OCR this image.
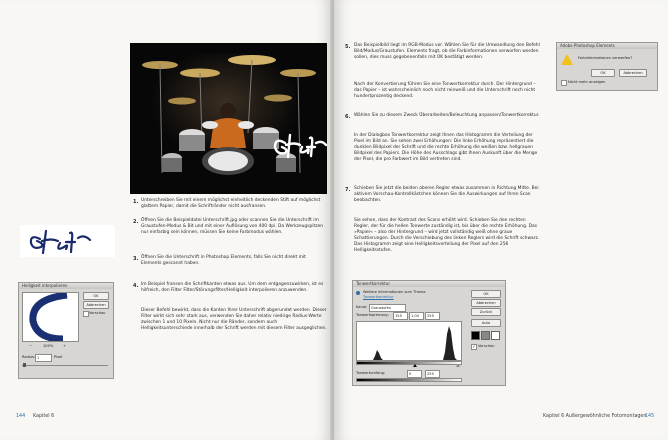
1. Unterschreiben Sie mit einem möglichst einheitlich deckenden Stift auf möglichst glattem Papier, damit die Schriftränder nicht ausfransen.
2. Öffnen Sie die Beispieldatei Unterschrift.jpg oder scannen Sie die Unterschrift im Graustufen-Modus & Bit und mit einer Auflösung von 400 dpi. Da Werkzeugspitzen nur einfarbig sein können, müssen Sie keine Farbmodus wählen.
3. Öffnen Sie die Unterschrift in Photoshop Elements, falls Sie nicht direkt mit Elements gescannt haben.
4. Im Beispiel fransen die Schriftkanten etwas aus. Um dem entgegenzuwirken, ist es hilfreich, den Filter Filter/Störungsfilter/Helligkeit interpolieren anzuwenden.
Dieser Befehl bewirkt, dass die Kanten Ihrer Unterschrift abgerundet werden. Dieser Filter wirkt sich sehr stark aus, verwenden Sie daher relativ niedrige Radius-Werte zwischen 1 und 10 Pixeln. Nicht nur die Ränder, sondern auch Helligkeitsunterschiede innerhalb der Schrift werden mit diesem Filter ausgeglichen.
Helligkeit interpolieren
OK
Abbrechen
Vorschau
−	100%	+
Radius: 1	Pixel
144 Kapitel 6
5. Das Beispielbild liegt im RGB-Modus vor. Wählen Sie für die Umwandlung den Befehl Bild/Modus/Graustufen. Elements fragt, ob die Farbinformationen verworfen werden sollen, dies muss gegebenenfalls mit OK bestätigt werden.
Nach der Konvertierung führen Sie eine Tonwertkorrektur durch. Der Hintergrund – das Papier – ist wahrscheinlich noch nicht reinweiß und die Unterschrift noch nicht hundertprozentig deckend.
6. Wählen Sie zu diesem Zweck Überarbeiten/Beleuchtung anpassen/Tonwertkorrektur.
In der Dialogbox Tonwertkorrektur zeigt Ihnen das Histogramm die Verteilung der Pixel im Bild an. Sie sehen zwei Erhöhungen: Die linke Erhöhung repräsentiert die dunklen Bildpixel der Schrift und die rechte Erhöhung die weißen bzw. hellgrauen Bildpixel des Papiers. Die Höhe des Ausschlags gibt Ihnen Auskunft über die Menge der Pixel, die pro Farbwert im Bild vertreten sind.
7. Schieben Sie jetzt die beiden oberen Regler etwas zusammen in Richtung Mitte. Bei aktivem Vorschau-Kontrollkästchen können Sie die Auswirkungen auf Ihren Scan beobachten.
Sie sehen, dass der Kontrast des Scans erhöht wird. Schieben Sie den rechten Regler, der für die hellen Tonwerte zuständig ist, bis über die rechte Erhöhung. Das »Papier« – also der Hintergrund – wird jetzt vollständig weiß ohne graue Schattierungen. Durch die Verschiebung des linken Reglers wird die Schrift schwarz. Das Histogramm zeigt eine Helligkeitsverteilung der Pixel auf den 256 Helligkeitsstufen.
Adobe Photoshop Elements
Farbinformationen verwerfen?
OK	Abbrechen
Nicht mehr anzeigen
Tonwertkorrektur
Weitere Informationen zum Thema
Tonwertkorrektur
Kanal:	Graustufen
Tonwertspreizung:	155	1,00	255
Tonwertumfang:	0	255
OK
Abbrechen
Zurück
Auto
✓ Vorschau
Kapitel 6 Außergewöhnliche Fotomontagen
145
